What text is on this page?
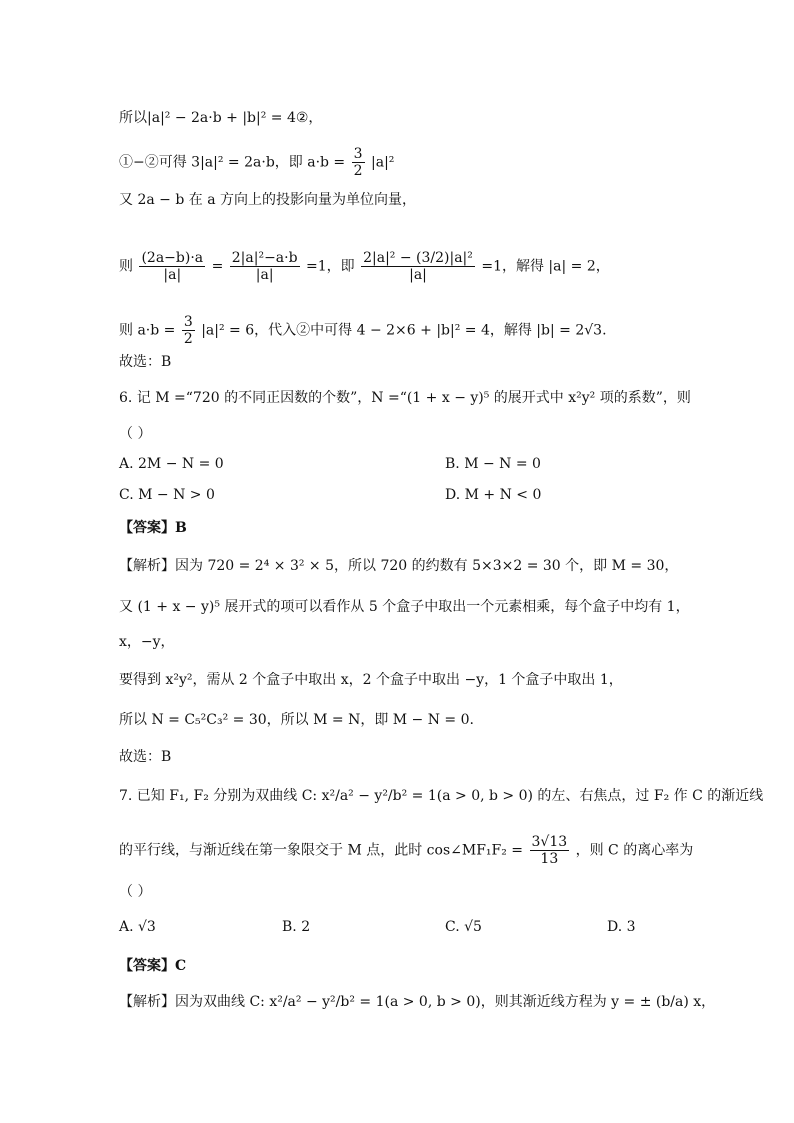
所以|a|² − 2a·b + |b|² = 4②，
①−②可得 3|a|² = 2a·b，即 $a\cdot b = \frac{3}{2} |a|^2$
又 2a − b 在 a 方向上的投影向量为单位向量，
则 $\frac{(2a-b)\cdot a}{|a|} = \frac{\text{2|a|²−a·b}}{|a|} =1$，即 $\frac{\text{2|a|² − (3/2)|a|²}}{|a|} =1$，解得 |a| = 2，
则 $a\cdot b = \frac{3}{2} |a|^2 = 6$，代入②中可得 4 − 2×6 + |b|² = 4，解得 |b| = 2√3.
故选：B
6. 记 M =“720 的不同正因数的个数”，N =“(1 + x − y)⁵ 的展开式中 x²y² 项的系数”，则
（ ）
A. 2M − N = 0	B. M − N = 0
C. M − N > 0	D. M + N < 0
【答案】B
【解析】因为 720 = 2⁴ × 3² × 5，所以 720 的约数有 5×3×2 = 30 个，即 M = 30，
又 (1 + x − y)⁵ 展开式的项可以看作从 5 个盒子中取出一个元素相乘，每个盒子中均有 1，
x，−y，
要得到 x²y²，需从 2 个盒子中取出 x，2 个盒子中取出 −y，1 个盒子中取出 1，
所以 N = C₅²C₃² = 30，所以 M = N，即 M − N = 0.
故选：B
7. 已知 F₁, F₂ 分别为双曲线 C: x²/a² − y²/b² = 1(a > 0, b > 0) 的左、右焦点，过 F₂ 作 C 的渐近线
的平行线，与渐近线在第一象限交于 M 点，此时 cos∠MF₁F₂ = $\frac{3√13}{13}$ ，则 C 的离心率为
（ ）
A. √3	B. 2	C. √5	D. 3
【答案】C
【解析】因为双曲线 C: x²/a² − y²/b² = 1(a > 0, b > 0)，则其渐近线方程为 y = ± (b/a) x，
